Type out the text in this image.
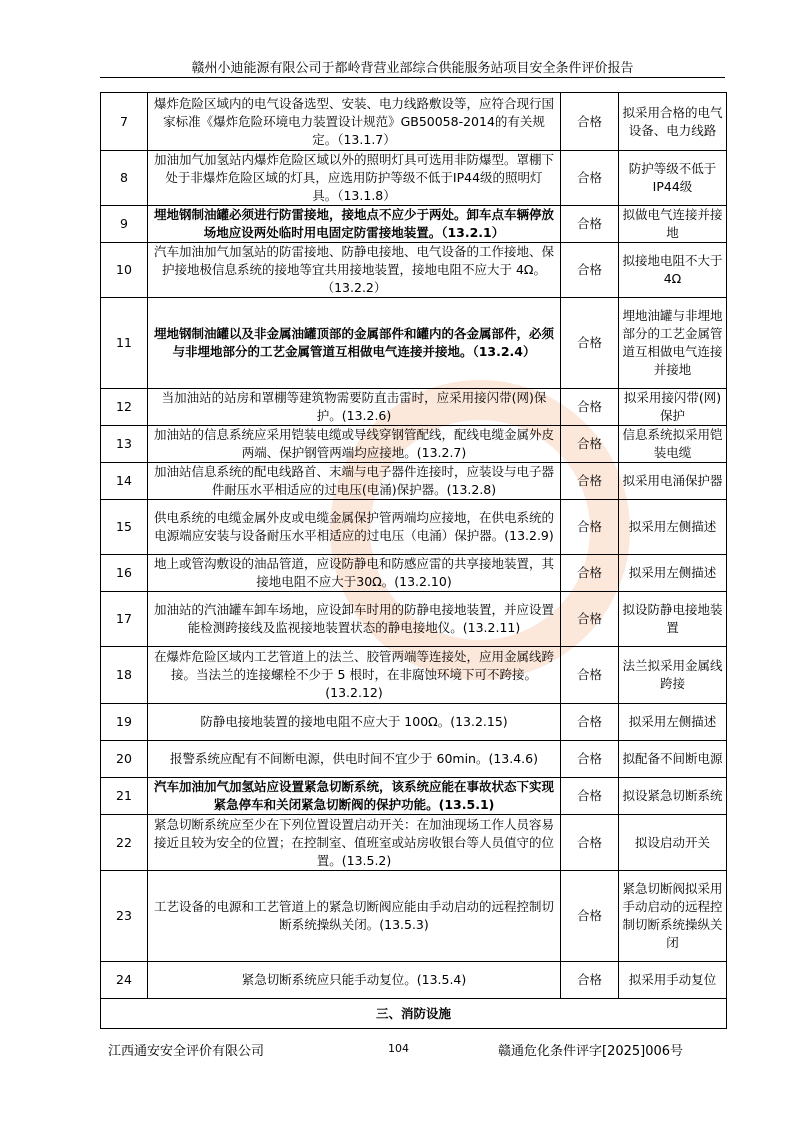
赣州小迪能源有限公司于都岭背营业部综合供能服务站项目安全条件评价报告
7	爆炸危险区域内的电气设备选型、安装、电力线路敷设等，应符合现行国家标准《爆炸危险环境电力装置设计规范》GB50058-2014的有关规定。（13.1.7）	合格	拟采用合格的电气设备、电力线路
8	加油加气加氢站内爆炸危险区域以外的照明灯具可选用非防爆型。罩棚下处于非爆炸危险区域的灯具，应选用防护等级不低于IP44级的照明灯具。（13.1.8）	合格	防护等级不低于 IP44级
9	埋地钢制油罐必须进行防雷接地，接地点不应少于两处。卸车点车辆停放场地应设两处临时用电固定防雷接地装置。（13.2.1）	合格	拟做电气连接并接地
10	汽车加油加气加氢站的防雷接地、防静电接地、电气设备的工作接地、保护接地极信息系统的接地等宜共用接地装置，接地电阻不应大于 4Ω。（13.2.2）	合格	拟接地电阻不大于 4Ω
11	埋地钢制油罐以及非金属油罐顶部的金属部件和罐内的各金属部件，必须与非埋地部分的工艺金属管道互相做电气连接并接地。（13.2.4）	合格	埋地油罐与非埋地部分的工艺金属管道互相做电气连接并接地
12	当加油站的站房和罩棚等建筑物需要防直击雷时，应采用接闪带(网)保护。(13.2.6)	合格	拟采用接闪带(网)保护
13	加油站的信息系统应采用铠装电缆或导线穿钢管配线，配线电缆金属外皮两端、保护钢管两端均应接地。(13.2.7)	合格	信息系统拟采用铠装电缆
14	加油站信息系统的配电线路首、末端与电子器件连接时，应装设与电子器件耐压水平相适应的过电压(电涌)保护器。(13.2.8)	合格	拟采用电涌保护器
15	供电系统的电缆金属外皮或电缆金属保护管两端均应接地，在供电系统的电源端应安装与设备耐压水平相适应的过电压（电涌）保护器。(13.2.9)	合格	拟采用左侧描述
16	地上或管沟敷设的油品管道，应设防静电和防感应雷的共享接地装置，其接地电阻不应大于30Ω。(13.2.10)	合格	拟采用左侧描述
17	加油站的汽油罐车卸车场地，应设卸车时用的防静电接地装置，并应设置能检测跨接线及监视接地装置状态的静电接地仪。(13.2.11)	合格	拟设防静电接地装置
18	在爆炸危险区域内工艺管道上的法兰、胶管两端等连接处，应用金属线跨接。当法兰的连接螺栓不少于 5 根时，在非腐蚀环境下可不跨接。(13.2.12)	合格	法兰拟采用金属线跨接
19	防静电接地装置的接地电阻不应大于 100Ω。(13.2.15)	合格	拟采用左侧描述
20	报警系统应配有不间断电源，供电时间不宜少于 60min。(13.4.6)	合格	拟配备不间断电源
21	汽车加油加气加氢站应设置紧急切断系统，该系统应能在事故状态下实现紧急停车和关闭紧急切断阀的保护功能。(13.5.1)	合格	拟设紧急切断系统
22	紧急切断系统应至少在下列位置设置启动开关：在加油现场工作人员容易接近且较为安全的位置；在控制室、值班室或站房收银台等人员值守的位置。(13.5.2)	合格	拟设启动开关
23	工艺设备的电源和工艺管道上的紧急切断阀应能由手动启动的远程控制切断系统操纵关闭。(13.5.3)	合格	紧急切断阀拟采用手动启动的远程控制切断系统操纵关闭
24	紧急切断系统应只能手动复位。(13.5.4)	合格	拟采用手动复位
三、消防设施			
江西通安安全评价有限公司	104	赣通危化条件评字[2025]006号
